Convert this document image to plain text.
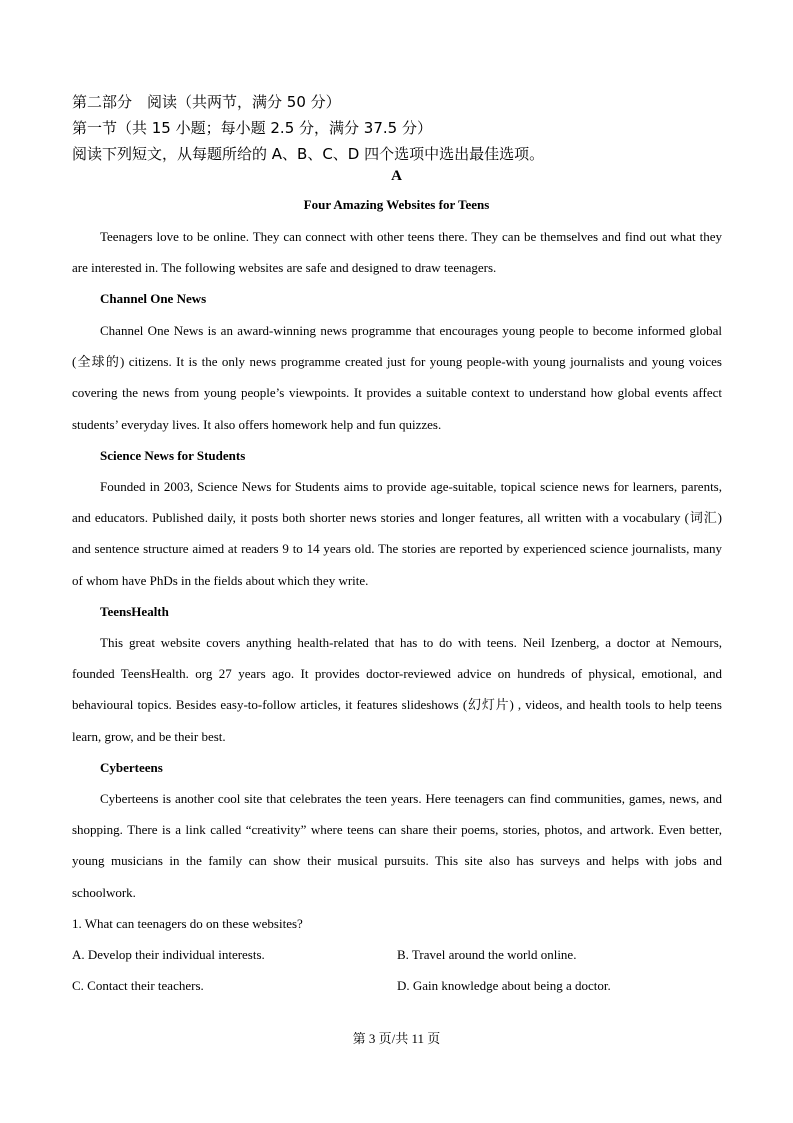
第二部分　阅读（共两节，满分 50 分）
第一节（共 15 小题；每小题 2.5 分，满分 37.5 分）
阅读下列短文，从每题所给的 A、B、C、D 四个选项中选出最佳选项。
A
Four Amazing Websites for Teens

Teenagers love to be online. They can connect with other teens there. They can be themselves and find out what they are interested in. The following websites are safe and designed to draw teenagers.

Channel One News

Channel One News is an award-winning news programme that encourages young people to become informed global (全球的) citizens. It is the only news programme created just for young people-with young journalists and young voices covering the news from young people’s viewpoints. It provides a suitable context to understand how global events affect students’ everyday lives. It also offers homework help and fun quizzes.

Science News for Students

Founded in 2003, Science News for Students aims to provide age-suitable, topical science news for learners, parents, and educators. Published daily, it posts both shorter news stories and longer features, all written with a vocabulary (词汇) and sentence structure aimed at readers 9 to 14 years old. The stories are reported by experienced science journalists, many of whom have PhDs in the fields about which they write.

TeensHealth

This great website covers anything health-related that has to do with teens. Neil Izenberg, a doctor at Nemours, founded TeensHealth. org 27 years ago. It provides doctor-reviewed advice on hundreds of physical, emotional, and behavioural topics. Besides easy-to-follow articles, it features slideshows (幻灯片) , videos, and health tools to help teens learn, grow, and be their best.

Cyberteens

Cyberteens is another cool site that celebrates the teen years. Here teenagers can find communities, games, news, and shopping. There is a link called “creativity” where teens can share their poems, stories, photos, and artwork. Even better, young musicians in the family can show their musical pursuits. This site also has surveys and helps with jobs and schoolwork.

1. What can teenagers do on these websites?
A. Develop their individual interests.	B. Travel around the world online.
C. Contact their teachers.	D. Gain knowledge about being a doctor.
第 3 页/共 11 页
